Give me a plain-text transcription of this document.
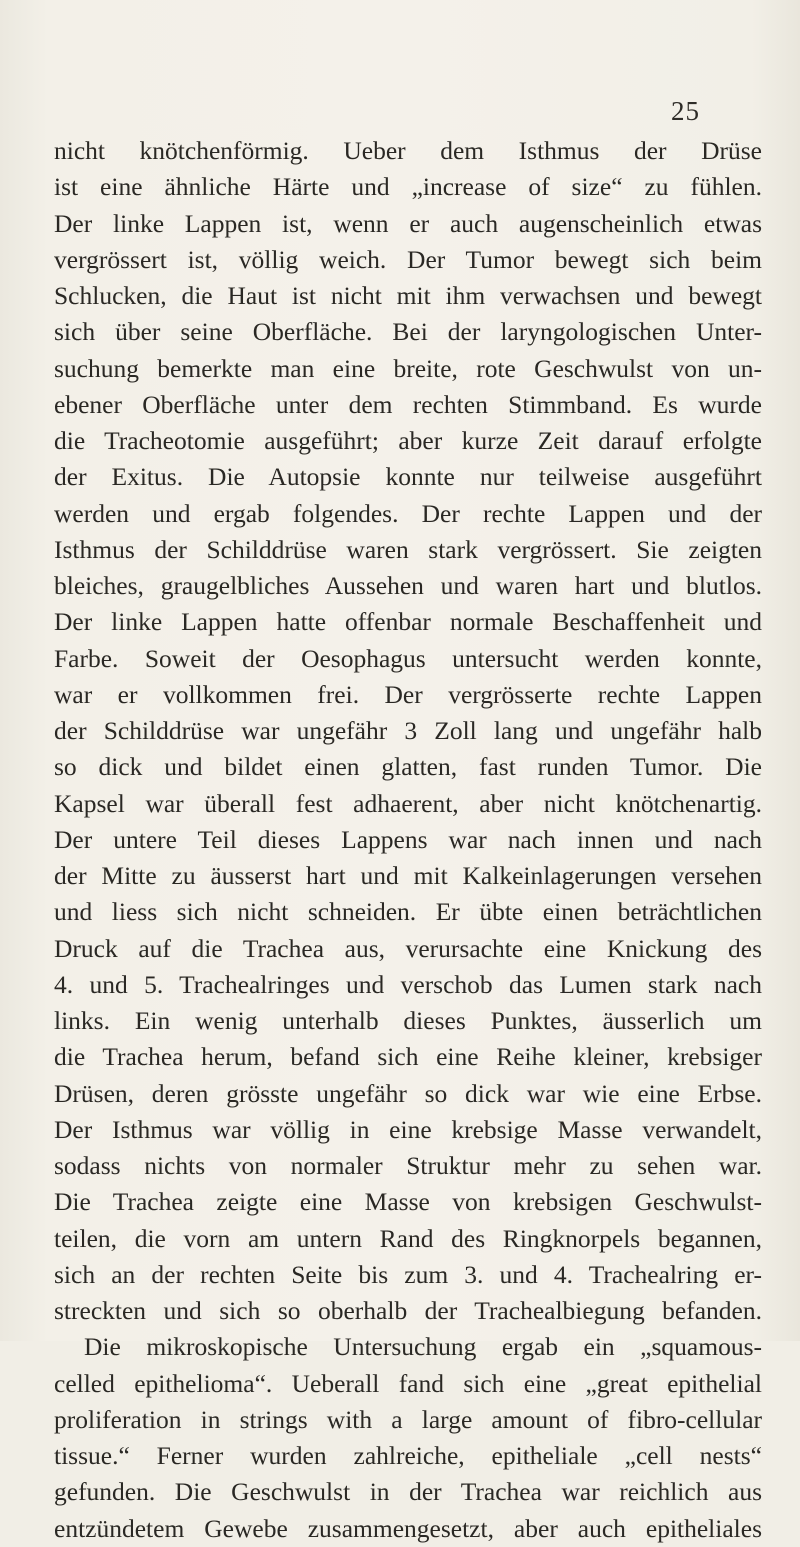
25
nicht knötchenförmig. Ueber dem Isthmus der Drüse
ist eine ähnliche Härte und „increase of size“ zu fühlen.
Der linke Lappen ist, wenn er auch augenscheinlich etwas
vergrössert ist, völlig weich. Der Tumor bewegt sich beim
Schlucken, die Haut ist nicht mit ihm verwachsen und bewegt
sich über seine Oberfläche. Bei der laryngologischen Unter-
suchung bemerkte man eine breite, rote Geschwulst von un-
ebener Oberfläche unter dem rechten Stimmband. Es wurde
die Tracheotomie ausgeführt; aber kurze Zeit darauf erfolgte
der Exitus. Die Autopsie konnte nur teilweise ausgeführt
werden und ergab folgendes. Der rechte Lappen und der
Isthmus der Schilddrüse waren stark vergrössert. Sie zeigten
bleiches, graugelbliches Aussehen und waren hart und blutlos.
Der linke Lappen hatte offenbar normale Beschaffenheit und
Farbe. Soweit der Oesophagus untersucht werden konnte,
war er vollkommen frei. Der vergrösserte rechte Lappen
der Schilddrüse war ungefähr 3 Zoll lang und ungefähr halb
so dick und bildet einen glatten, fast runden Tumor. Die
Kapsel war überall fest adhaerent, aber nicht knötchenartig.
Der untere Teil dieses Lappens war nach innen und nach
der Mitte zu äusserst hart und mit Kalkeinlagerungen versehen
und liess sich nicht schneiden. Er übte einen beträchtlichen
Druck auf die Trachea aus, verursachte eine Knickung des
4. und 5. Trachealringes und verschob das Lumen stark nach
links. Ein wenig unterhalb dieses Punktes, äusserlich um
die Trachea herum, befand sich eine Reihe kleiner, krebsiger
Drüsen, deren grösste ungefähr so dick war wie eine Erbse.
Der Isthmus war völlig in eine krebsige Masse verwandelt,
sodass nichts von normaler Struktur mehr zu sehen war.
Die Trachea zeigte eine Masse von krebsigen Geschwulst-
teilen, die vorn am untern Rand des Ringknorpels begannen,
sich an der rechten Seite bis zum 3. und 4. Trachealring er-
streckten und sich so oberhalb der Trachealbiegung befanden.
Die mikroskopische Untersuchung ergab ein „squamous-
celled epithelioma“. Ueberall fand sich eine „great epithelial
proliferation in strings with a large amount of fibro-cellular
tissue.“ Ferner wurden zahlreiche, epitheliale „cell nests“
gefunden. Die Geschwulst in der Trachea war reichlich aus
entzündetem Gewebe zusammengesetzt, aber auch epitheliales
